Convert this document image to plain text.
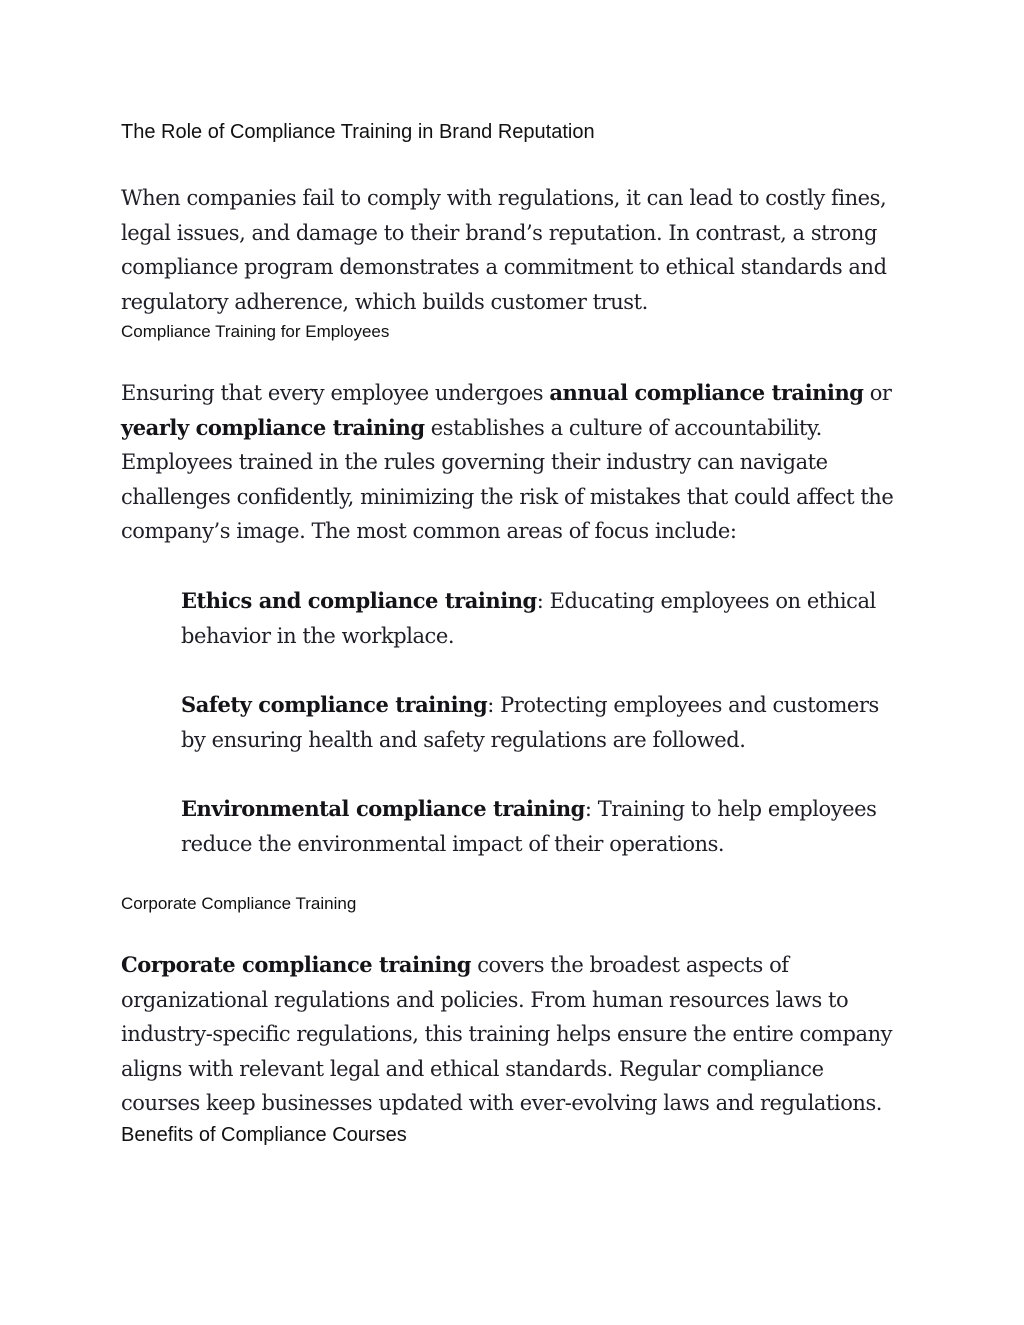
The Role of Compliance Training in Brand Reputation

When companies fail to comply with regulations, it can lead to costly fines, legal issues, and damage to their brand’s reputation. In contrast, a strong compliance program demonstrates a commitment to ethical standards and regulatory adherence, which builds customer trust.

Compliance Training for Employees

Ensuring that every employee undergoes annual compliance training or yearly compliance training establishes a culture of accountability. Employees trained in the rules governing their industry can navigate challenges confidently, minimizing the risk of mistakes that could affect the company’s image. The most common areas of focus include:

Ethics and compliance training: Educating employees on ethical behavior in the workplace.

Safety compliance training: Protecting employees and customers by ensuring health and safety regulations are followed.

Environmental compliance training: Training to help employees reduce the environmental impact of their operations.

Corporate Compliance Training

Corporate compliance training covers the broadest aspects of organizational regulations and policies. From human resources laws to industry-specific regulations, this training helps ensure the entire company aligns with relevant legal and ethical standards. Regular compliance courses keep businesses updated with ever-evolving laws and regulations.

Benefits of Compliance Courses
